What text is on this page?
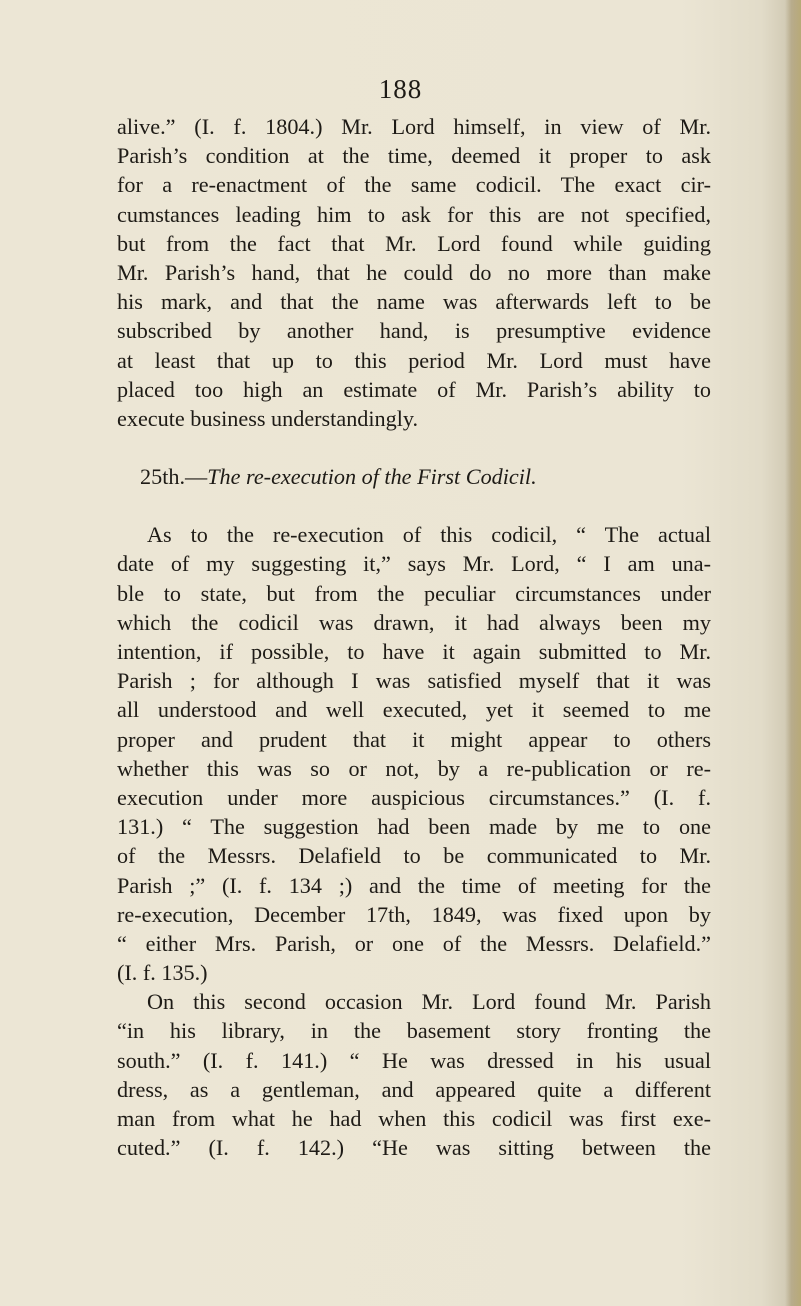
188
alive.” (I. f. 1804.) Mr. Lord himself, in view of Mr.
Parish’s condition at the time, deemed it proper to ask
for a re-enactment of the same codicil. The exact cir-
cumstances leading him to ask for this are not specified,
but from the fact that Mr. Lord found while guiding
Mr. Parish’s hand, that he could do no more than make
his mark, and that the name was afterwards left to be
subscribed by another hand, is presumptive evidence
at least that up to this period Mr. Lord must have
placed too high an estimate of Mr. Parish’s ability to
execute business understandingly.
25th.—The re-execution of the First Codicil.
As to the re-execution of this codicil, “ The actual
date of my suggesting it,” says Mr. Lord, “ I am una-
ble to state, but from the peculiar circumstances under
which the codicil was drawn, it had always been my
intention, if possible, to have it again submitted to Mr.
Parish ; for although I was satisfied myself that it was
all understood and well executed, yet it seemed to me
proper and prudent that it might appear to others
whether this was so or not, by a re-publication or re-
execution under more auspicious circumstances.” (I. f.
131.) “ The suggestion had been made by me to one
of the Messrs. Delafield to be communicated to Mr.
Parish ;” (I. f. 134 ;) and the time of meeting for the
re-execution, December 17th, 1849, was fixed upon by
“ either Mrs. Parish, or one of the Messrs. Delafield.”
(I. f. 135.)
On this second occasion Mr. Lord found Mr. Parish
“in his library, in the basement story fronting the
south.” (I. f. 141.) “ He was dressed in his usual
dress, as a gentleman, and appeared quite a different
man from what he had when this codicil was first exe-
cuted.” (I. f. 142.) “He was sitting between the
